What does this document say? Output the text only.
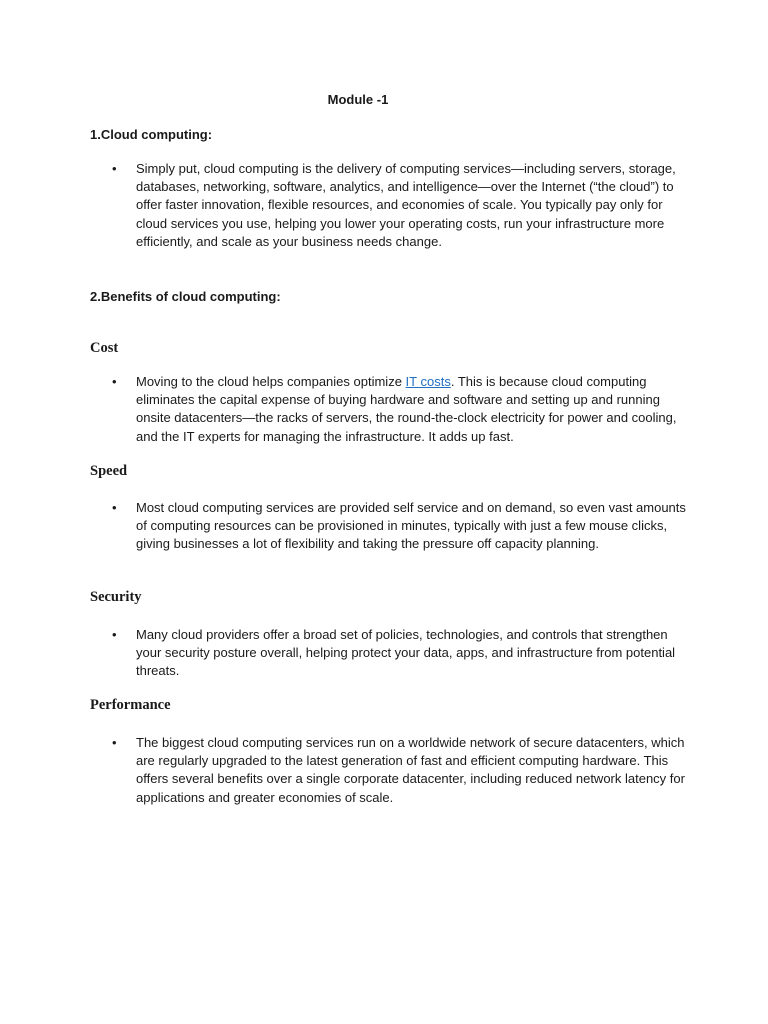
Module -1
1.Cloud computing:
• Simply put, cloud computing is the delivery of computing services—including servers, storage, databases, networking, software, analytics, and intelligence—over the Internet (“the cloud”) to offer faster innovation, flexible resources, and economies of scale. You typically pay only for cloud services you use, helping you lower your operating costs, run your infrastructure more efficiently, and scale as your business needs change.
2.Benefits of cloud computing:
Cost
• Moving to the cloud helps companies optimize IT costs. This is because cloud computing eliminates the capital expense of buying hardware and software and setting up and running onsite datacenters—the racks of servers, the round-the-clock electricity for power and cooling, and the IT experts for managing the infrastructure. It adds up fast.
Speed
• Most cloud computing services are provided self service and on demand, so even vast amounts of computing resources can be provisioned in minutes, typically with just a few mouse clicks, giving businesses a lot of flexibility and taking the pressure off capacity planning.
Security
• Many cloud providers offer a broad set of policies, technologies, and controls that strengthen your security posture overall, helping protect your data, apps, and infrastructure from potential threats.
Performance
• The biggest cloud computing services run on a worldwide network of secure datacenters, which are regularly upgraded to the latest generation of fast and efficient computing hardware. This offers several benefits over a single corporate datacenter, including reduced network latency for applications and greater economies of scale.
